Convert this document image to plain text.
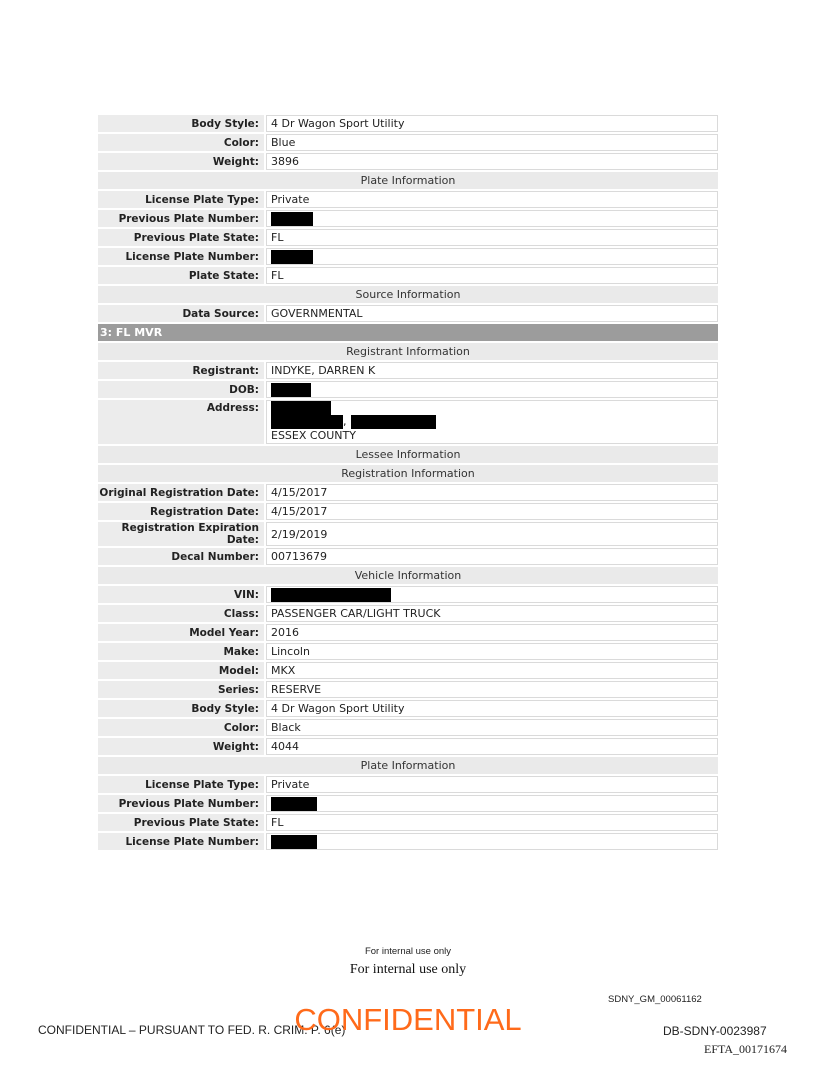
Body Style:	4 Dr Wagon Sport Utility
Color:	Blue
Weight:	3896
Plate Information	
License Plate Type:	Private
Previous Plate Number:	
Previous Plate State:	FL
License Plate Number:	
Plate State:	FL
Source Information	
Data Source:	GOVERNMENTAL
3: FL MVR	
Registrant Information	
Registrant:	INDYKE, DARREN K
DOB:	
Address:	,
ESSEX COUNTY

Lessee Information	
Registration Information	
Original Registration Date:	4/15/2017
Registration Date:	4/15/2017
Registration Expiration Date:	2/19/2019
Decal Number:	00713679
Vehicle Information	
VIN:	
Class:	PASSENGER CAR/LIGHT TRUCK
Model Year:	2016
Make:	Lincoln
Model:	MKX
Series:	RESERVE
Body Style:	4 Dr Wagon Sport Utility
Color:	Black
Weight:	4044
Plate Information	
License Plate Type:	Private
Previous Plate Number:	
Previous Plate State:	FL
License Plate Number:	
For internal use only
For internal use only
SDNY_GM_00061162
CONFIDENTIAL – PURSUANT TO FED. R. CRIM. P. 6(e)
CONFIDENTIAL	DB-SDNY-0023987
EFTA_00171674
